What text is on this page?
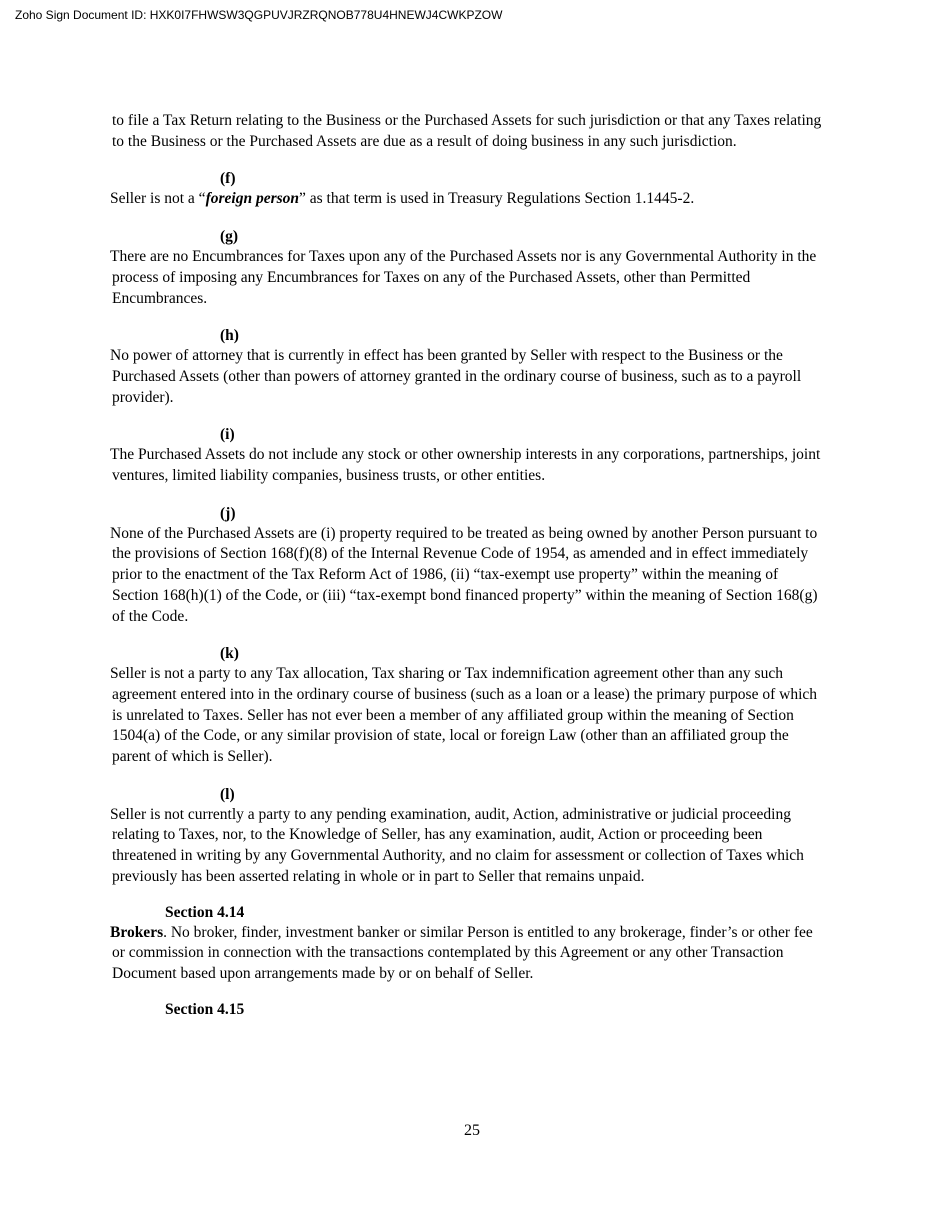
Zoho Sign Document ID: HXK0I7FHWSW3QGPUVJRZRQNOB778U4HNEWJ4CWKPZOW

to file a Tax Return relating to the Business or the Purchased Assets for such jurisdiction or that any Taxes relating to the Business or the Purchased Assets are due as a result of doing business in any such jurisdiction.

(f)

Seller is not a “foreign person” as that term is used in Treasury Regulations Section 1.1445-2.

(g)

There are no Encumbrances for Taxes upon any of the Purchased Assets nor is any Governmental Authority in the process of imposing any Encumbrances for Taxes on any of the Purchased Assets, other than Permitted Encumbrances.

(h)

No power of attorney that is currently in effect has been granted by Seller with respect to the Business or the Purchased Assets (other than powers of attorney granted in the ordinary course of business, such as to a payroll provider).

(i)

The Purchased Assets do not include any stock or other ownership interests in any corporations, partnerships, joint ventures, limited liability companies, business trusts, or other entities.

(j)

None of the Purchased Assets are (i) property required to be treated as being owned by another Person pursuant to the provisions of Section 168(f)(8) of the Internal Revenue Code of 1954, as amended and in effect immediately prior to the enactment of the Tax Reform Act of 1986, (ii) “tax-exempt use property” within the meaning of Section 168(h)(1) of the Code, or (iii) “tax-exempt bond financed property” within the meaning of Section 168(g) of the Code.

(k)

Seller is not a party to any Tax allocation, Tax sharing or Tax indemnification agreement other than any such agreement entered into in the ordinary course of business (such as a loan or a lease) the primary purpose of which is unrelated to Taxes. Seller has not ever been a member of any affiliated group within the meaning of Section 1504(a) of the Code, or any similar provision of state, local or foreign Law (other than an affiliated group the parent of which is Seller).

(l)

Seller is not currently a party to any pending examination, audit, Action, administrative or judicial proceeding relating to Taxes, nor, to the Knowledge of Seller, has any examination, audit, Action or proceeding been threatened in writing by any Governmental Authority, and no claim for assessment or collection of Taxes which previously has been asserted relating in whole or in part to Seller that remains unpaid.

Section 4.14

Brokers. No broker, finder, investment banker or similar Person is entitled to any brokerage, finder’s or other fee or commission in connection with the transactions contemplated by this Agreement or any other Transaction Document based upon arrangements made by or on behalf of Seller.

Section 4.15
25
